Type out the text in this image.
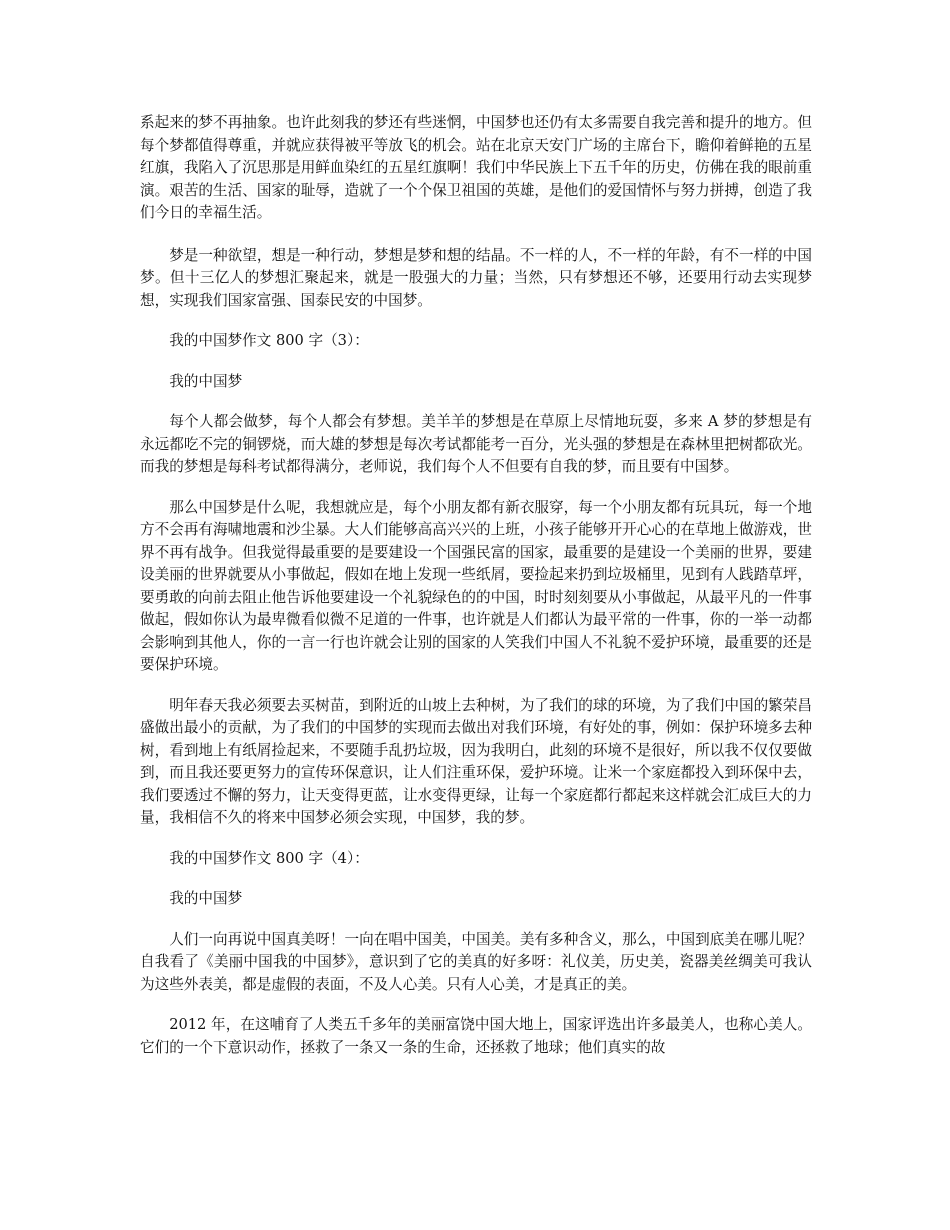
系起来的梦不再抽象。也许此刻我的梦还有些迷惘，中国梦也还仍有太多需要自我完善和提升的地方。但每个梦都值得尊重，并就应获得被平等放飞的机会。站在北京天安门广场的主席台下，瞻仰着鲜艳的五星红旗，我陷入了沉思那是用鲜血染红的五星红旗啊！我们中华民族上下五千年的历史，仿佛在我的眼前重演。艰苦的生活、国家的耻辱，造就了一个个保卫祖国的英雄，是他们的爱国情怀与努力拼搏，创造了我们今日的幸福生活。

梦是一种欲望，想是一种行动，梦想是梦和想的结晶。不一样的人，不一样的年龄，有不一样的中国梦。但十三亿人的梦想汇聚起来，就是一股强大的力量；当然，只有梦想还不够，还要用行动去实现梦想，实现我们国家富强、国泰民安的中国梦。

我的中国梦作文 800 字（3）：

我的中国梦

每个人都会做梦，每个人都会有梦想。美羊羊的梦想是在草原上尽情地玩耍，多来 A 梦的梦想是有永远都吃不完的铜锣烧，而大雄的梦想是每次考试都能考一百分，光头强的梦想是在森林里把树都砍光。而我的梦想是每科考试都得满分，老师说，我们每个人不但要有自我的梦，而且要有中国梦。

那么中国梦是什么呢，我想就应是，每个小朋友都有新衣服穿，每一个小朋友都有玩具玩，每一个地方不会再有海啸地震和沙尘暴。大人们能够高高兴兴的上班，小孩子能够开开心心的在草地上做游戏，世界不再有战争。但我觉得最重要的是要建设一个国强民富的国家，最重要的是建设一个美丽的世界，要建设美丽的世界就要从小事做起，假如在地上发现一些纸屑，要捡起来扔到垃圾桶里，见到有人践踏草坪，要勇敢的向前去阻止他告诉他要建设一个礼貌绿色的的中国，时时刻刻要从小事做起，从最平凡的一件事做起，假如你认为最卑微看似微不足道的一件事，也许就是人们都认为最平常的一件事，你的一举一动都会影响到其他人，你的一言一行也许就会让别的国家的人笑我们中国人不礼貌不爱护环境，最重要的还是要保护环境。

明年春天我必须要去买树苗，到附近的山坡上去种树，为了我们的球的环境，为了我们中国的繁荣昌盛做出最小的贡献，为了我们的中国梦的实现而去做出对我们环境，有好处的事，例如：保护环境多去种树，看到地上有纸屑捡起来，不要随手乱扔垃圾，因为我明白，此刻的环境不是很好，所以我不仅仅要做到，而且我还要更努力的宣传环保意识，让人们注重环保，爱护环境。让米一个家庭都投入到环保中去，我们要透过不懈的努力，让天变得更蓝，让水变得更绿，让每一个家庭都行都起来这样就会汇成巨大的力量，我相信不久的将来中国梦必须会实现，中国梦，我的梦。

我的中国梦作文 800 字（4）：

我的中国梦

人们一向再说中国真美呀！一向在唱中国美，中国美。美有多种含义，那么，中国到底美在哪儿呢？自我看了《美丽中国我的中国梦》，意识到了它的美真的好多呀：礼仪美，历史美，瓷器美丝绸美可我认为这些外表美，都是虚假的表面，不及人心美。只有人心美，才是真正的美。

2012 年，在这哺育了人类五千多年的美丽富饶中国大地上，国家评选出许多最美人，也称心美人。它们的一个下意识动作，拯救了一条又一条的生命，还拯救了地球；他们真实的故
